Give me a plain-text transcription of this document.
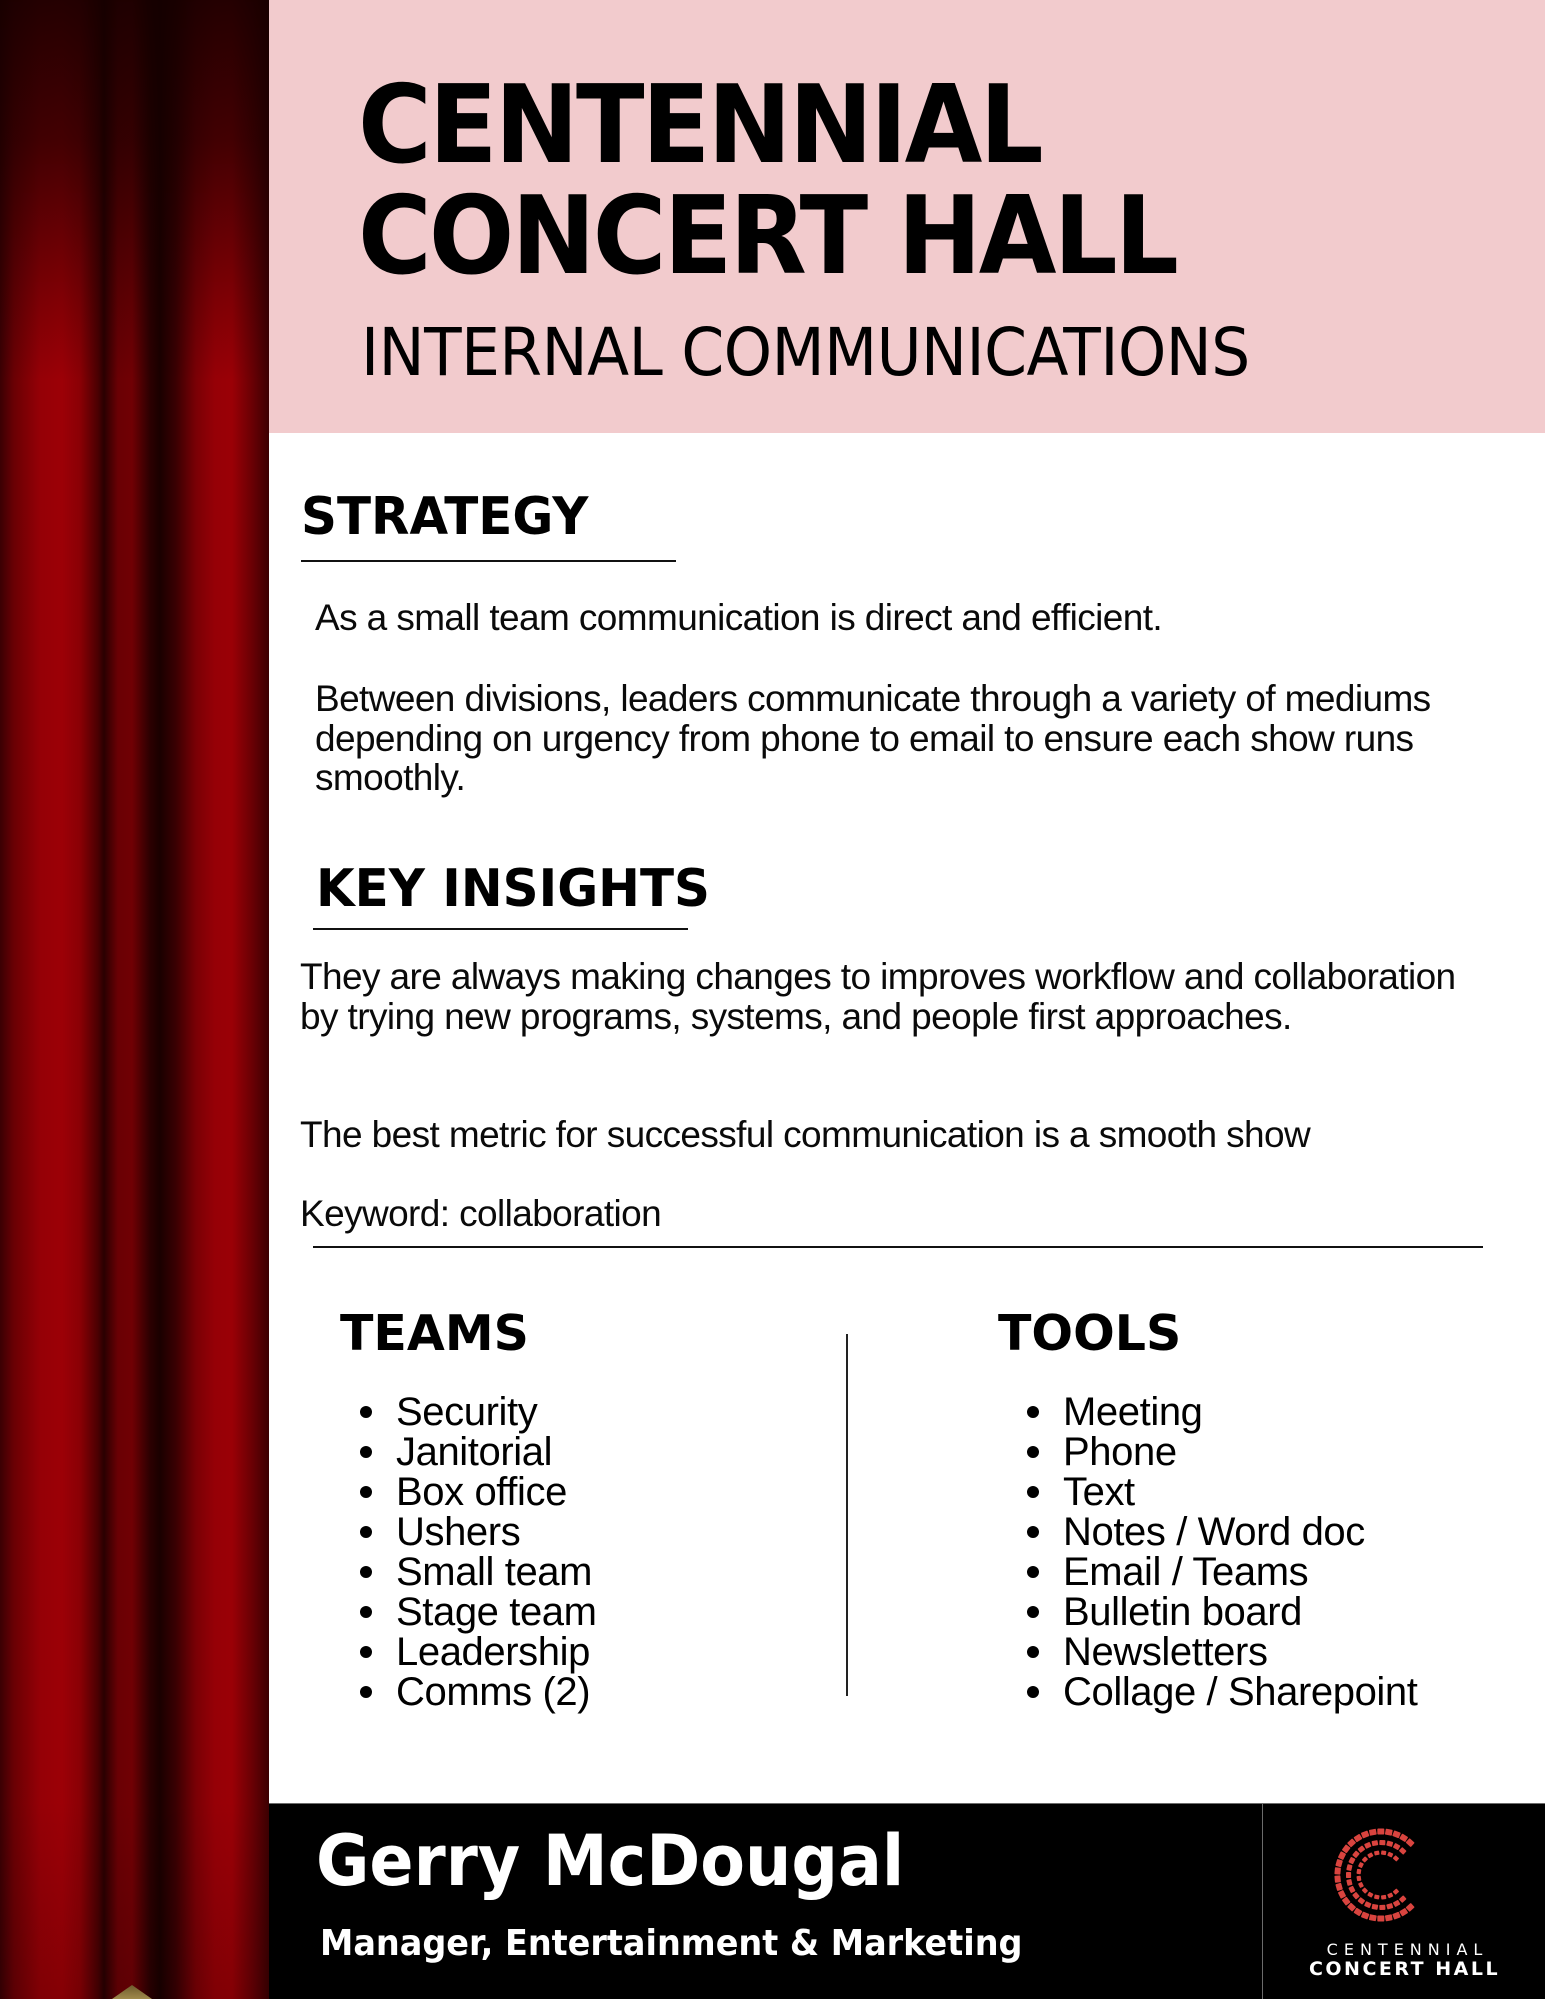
CENTENNIAL
CONCERT HALL
INTERNAL COMMUNICATIONS
STRATEGY
As a small team communication is direct and efficient.
Between divisions, leaders communicate through a variety of mediums depending on urgency from phone to email to ensure each show runs smoothly.
KEY INSIGHTS
They are always making changes to improves workflow and collaboration by trying new programs, systems, and people first approaches.
The best metric for successful communication is a smooth show
Keyword: collaboration
TEAMS
Security
Janitorial
Box office
Ushers
Small team
Stage team
Leadership
Comms (2)
TOOLS
Meeting
Phone
Text
Notes / Word doc
Email / Teams
Bulletin board
Newsletters
Collage / Sharepoint
Gerry McDougal
Manager, Entertainment & Marketing	CENTENNIAL
CONCERT HALL
